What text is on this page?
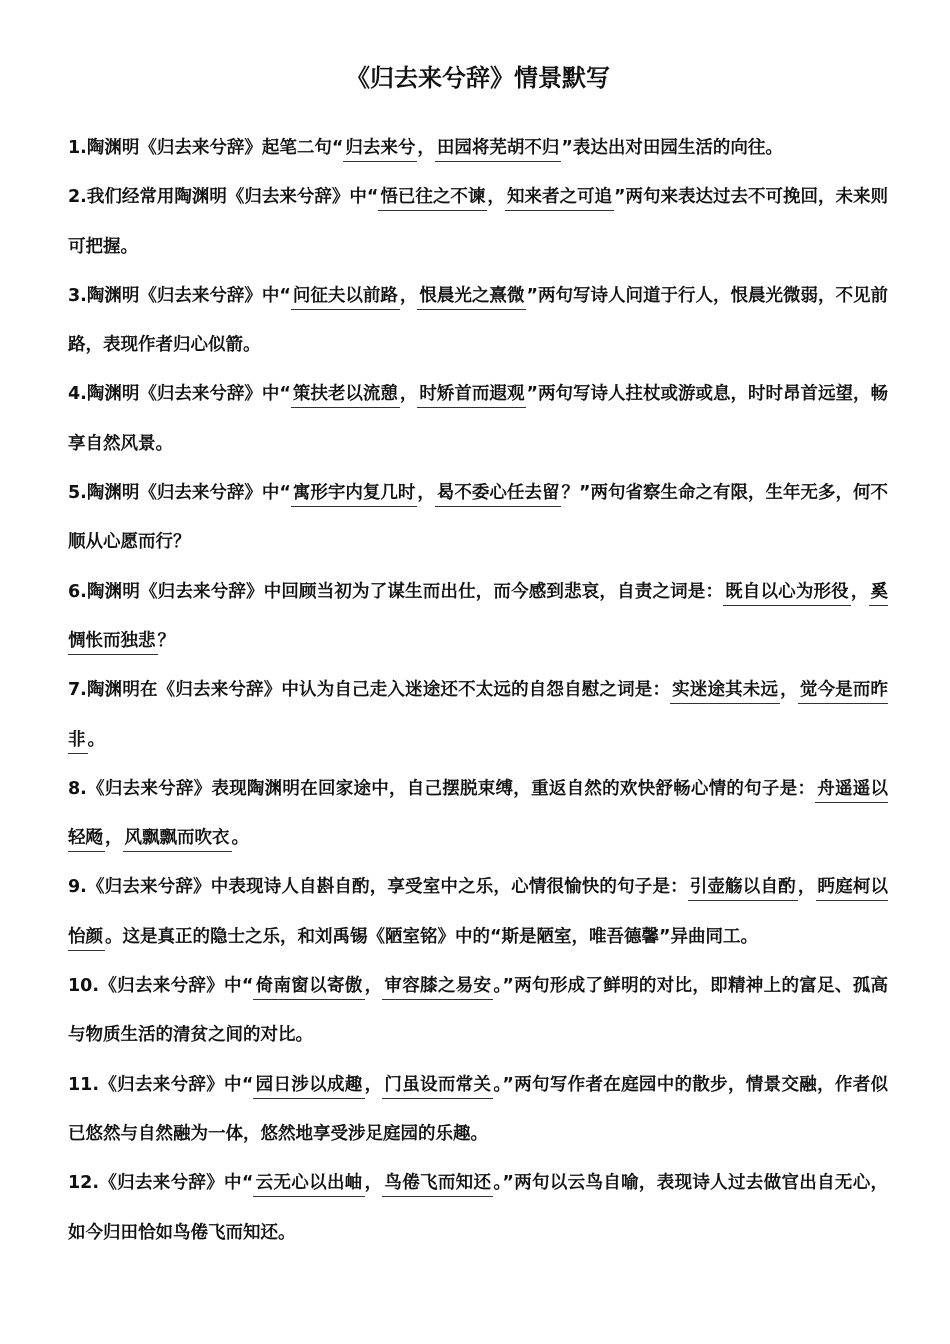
《归去来兮辞》情景默写

1.陶渊明《归去来兮辞》起笔二句“ 归去来兮 ， 田园将芜胡不归 ”表达出对田园生活的向往。

2.我们经常用陶渊明《归去来兮辞》中“ 悟已往之不谏 ， 知来者之可追 ”两句来表达过去不可挽回，未来则可把握。

3.陶渊明《归去来兮辞》中“ 问征夫以前路 ， 恨晨光之熹微 ”两句写诗人问道于行人，恨晨光微弱，不见前路，表现作者归心似箭。

4.陶渊明《归去来兮辞》中“ 策扶老以流憩 ， 时矫首而遐观 ”两句写诗人拄杖或游或息，时时昂首远望，畅享自然风景。

5.陶渊明《归去来兮辞》中“ 寓形宇内复几时 ， 曷不委心任去留 ？”两句省察生命之有限，生年无多，何不顺从心愿而行？

6.陶渊明《归去来兮辞》中回顾当初为了谋生而出仕，而今感到悲哀，自责之词是： 既自以心为形役 ， 奚惆怅而独悲 ？

7.陶渊明在《归去来兮辞》中认为自己走入迷途还不太远的自怨自慰之词是： 实迷途其未远 ， 觉今是而昨非 。

8.《归去来兮辞》表现陶渊明在回家途中，自己摆脱束缚，重返自然的欢快舒畅心情的句子是： 舟遥遥以轻飏 ， 风飘飘而吹衣 。

9.《归去来兮辞》中表现诗人自斟自酌，享受室中之乐，心情很愉快的句子是： 引壶觞以自酌 ， 眄庭柯以怡颜 。这是真正的隐士之乐，和刘禹锡《陋室铭》中的“斯是陋室，唯吾德馨”异曲同工。

10.《归去来兮辞》中“ 倚南窗以寄傲 ， 审容膝之易安 。”两句形成了鲜明的对比，即精神上的富足、孤高与物质生活的清贫之间的对比。

11.《归去来兮辞》中“ 园日涉以成趣 ， 门虽设而常关 。”两句写作者在庭园中的散步，情景交融，作者似已悠然与自然融为一体，悠然地享受涉足庭园的乐趣。

12.《归去来兮辞》中“ 云无心以出岫 ， 鸟倦飞而知还 。”两句以云鸟自喻，表现诗人过去做官出自无心，如今归田恰如鸟倦飞而知还。
